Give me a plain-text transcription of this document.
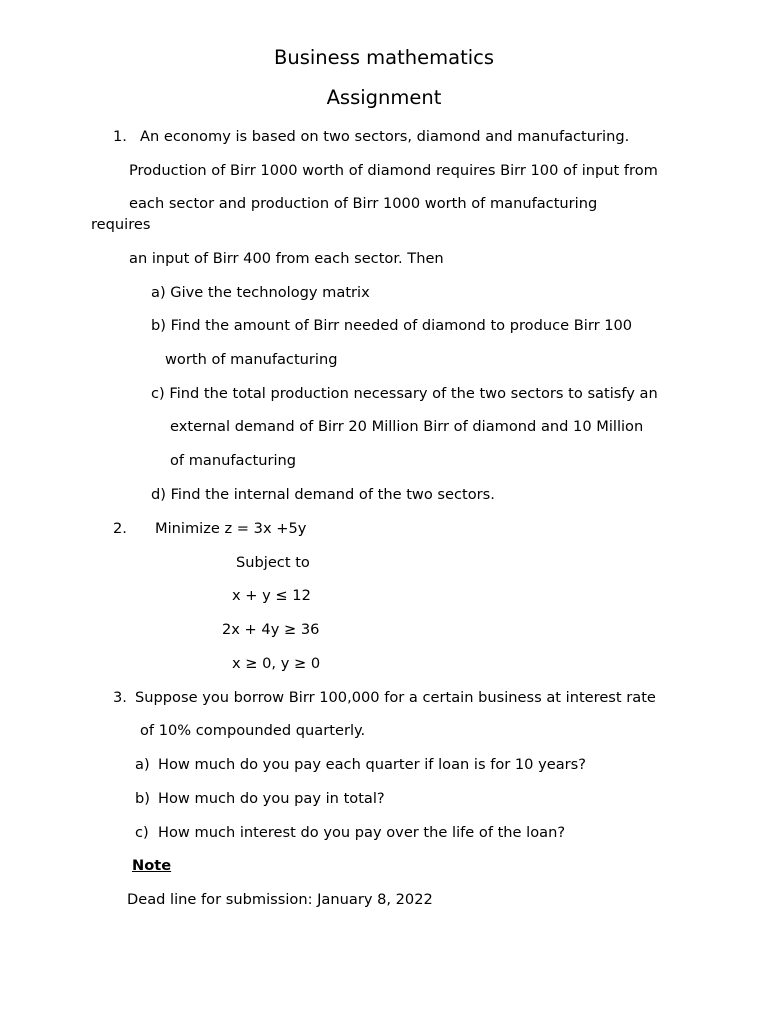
Business mathematics
Assignment
1. An economy is based on two sectors, diamond and manufacturing.
Production of Birr 1000 worth of diamond requires Birr 100 of input from
each sector and production of Birr 1000 worth of manufacturing
requires
an input of Birr 400 from each sector. Then
a) Give the technology matrix
b) Find the amount of Birr needed of diamond to produce Birr 100
worth of manufacturing
c) Find the total production necessary of the two sectors to satisfy an
external demand of Birr 20 Million Birr of diamond and 10 Million
of manufacturing
d) Find the internal demand of the two sectors.
2. Minimize z = 3x +5y
Subject to
x + y ≤ 12
2x + 4y ≥ 36
x ≥ 0, y ≥ 0
3. Suppose you borrow Birr 100,000 for a certain business at interest rate
of 10% compounded quarterly.
a) How much do you pay each quarter if loan is for 10 years?
b) How much do you pay in total?
c) How much interest do you pay over the life of the loan?
Note
Dead line for submission: January 8, 2022
